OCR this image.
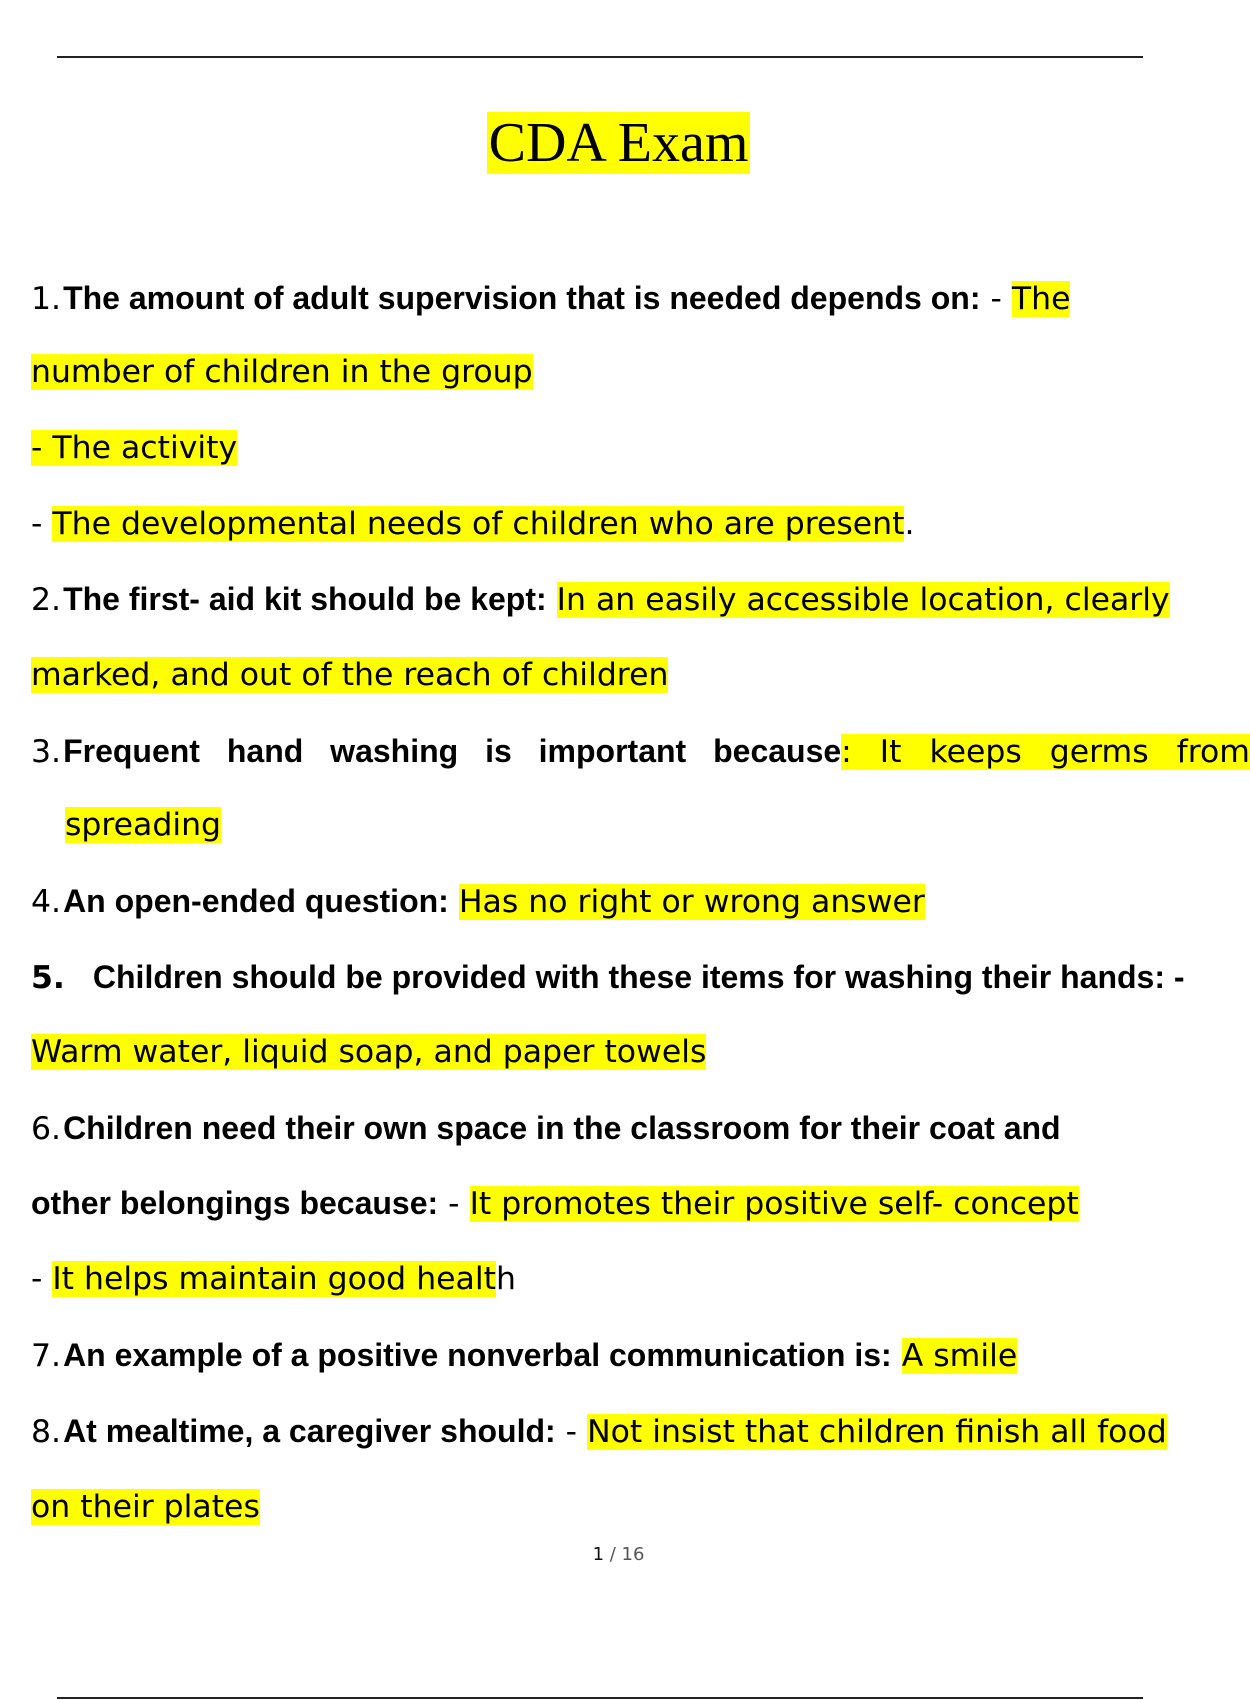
CDA Exam
1.The amount of adult supervision that is needed depends on: - The
number of children in the group
- The activity
- The developmental needs of children who are present.
2.The first- aid kit should be kept: In an easily accessible location, clearly
marked, and out of the reach of children
3.Frequent hand washing is important because: It keeps germs from
spreading
4.An open-ended question: Has no right or wrong answer
5. Children should be provided with these items for washing their hands: -
Warm water, liquid soap, and paper towels
6.Children need their own space in the classroom for their coat and
other belongings because: - It promotes their positive self- concept
- It helps maintain good health
7.An example of a positive nonverbal communication is: A smile
8.At mealtime, a caregiver should: - Not insist that children finish all food
on their plates
1 / 16
